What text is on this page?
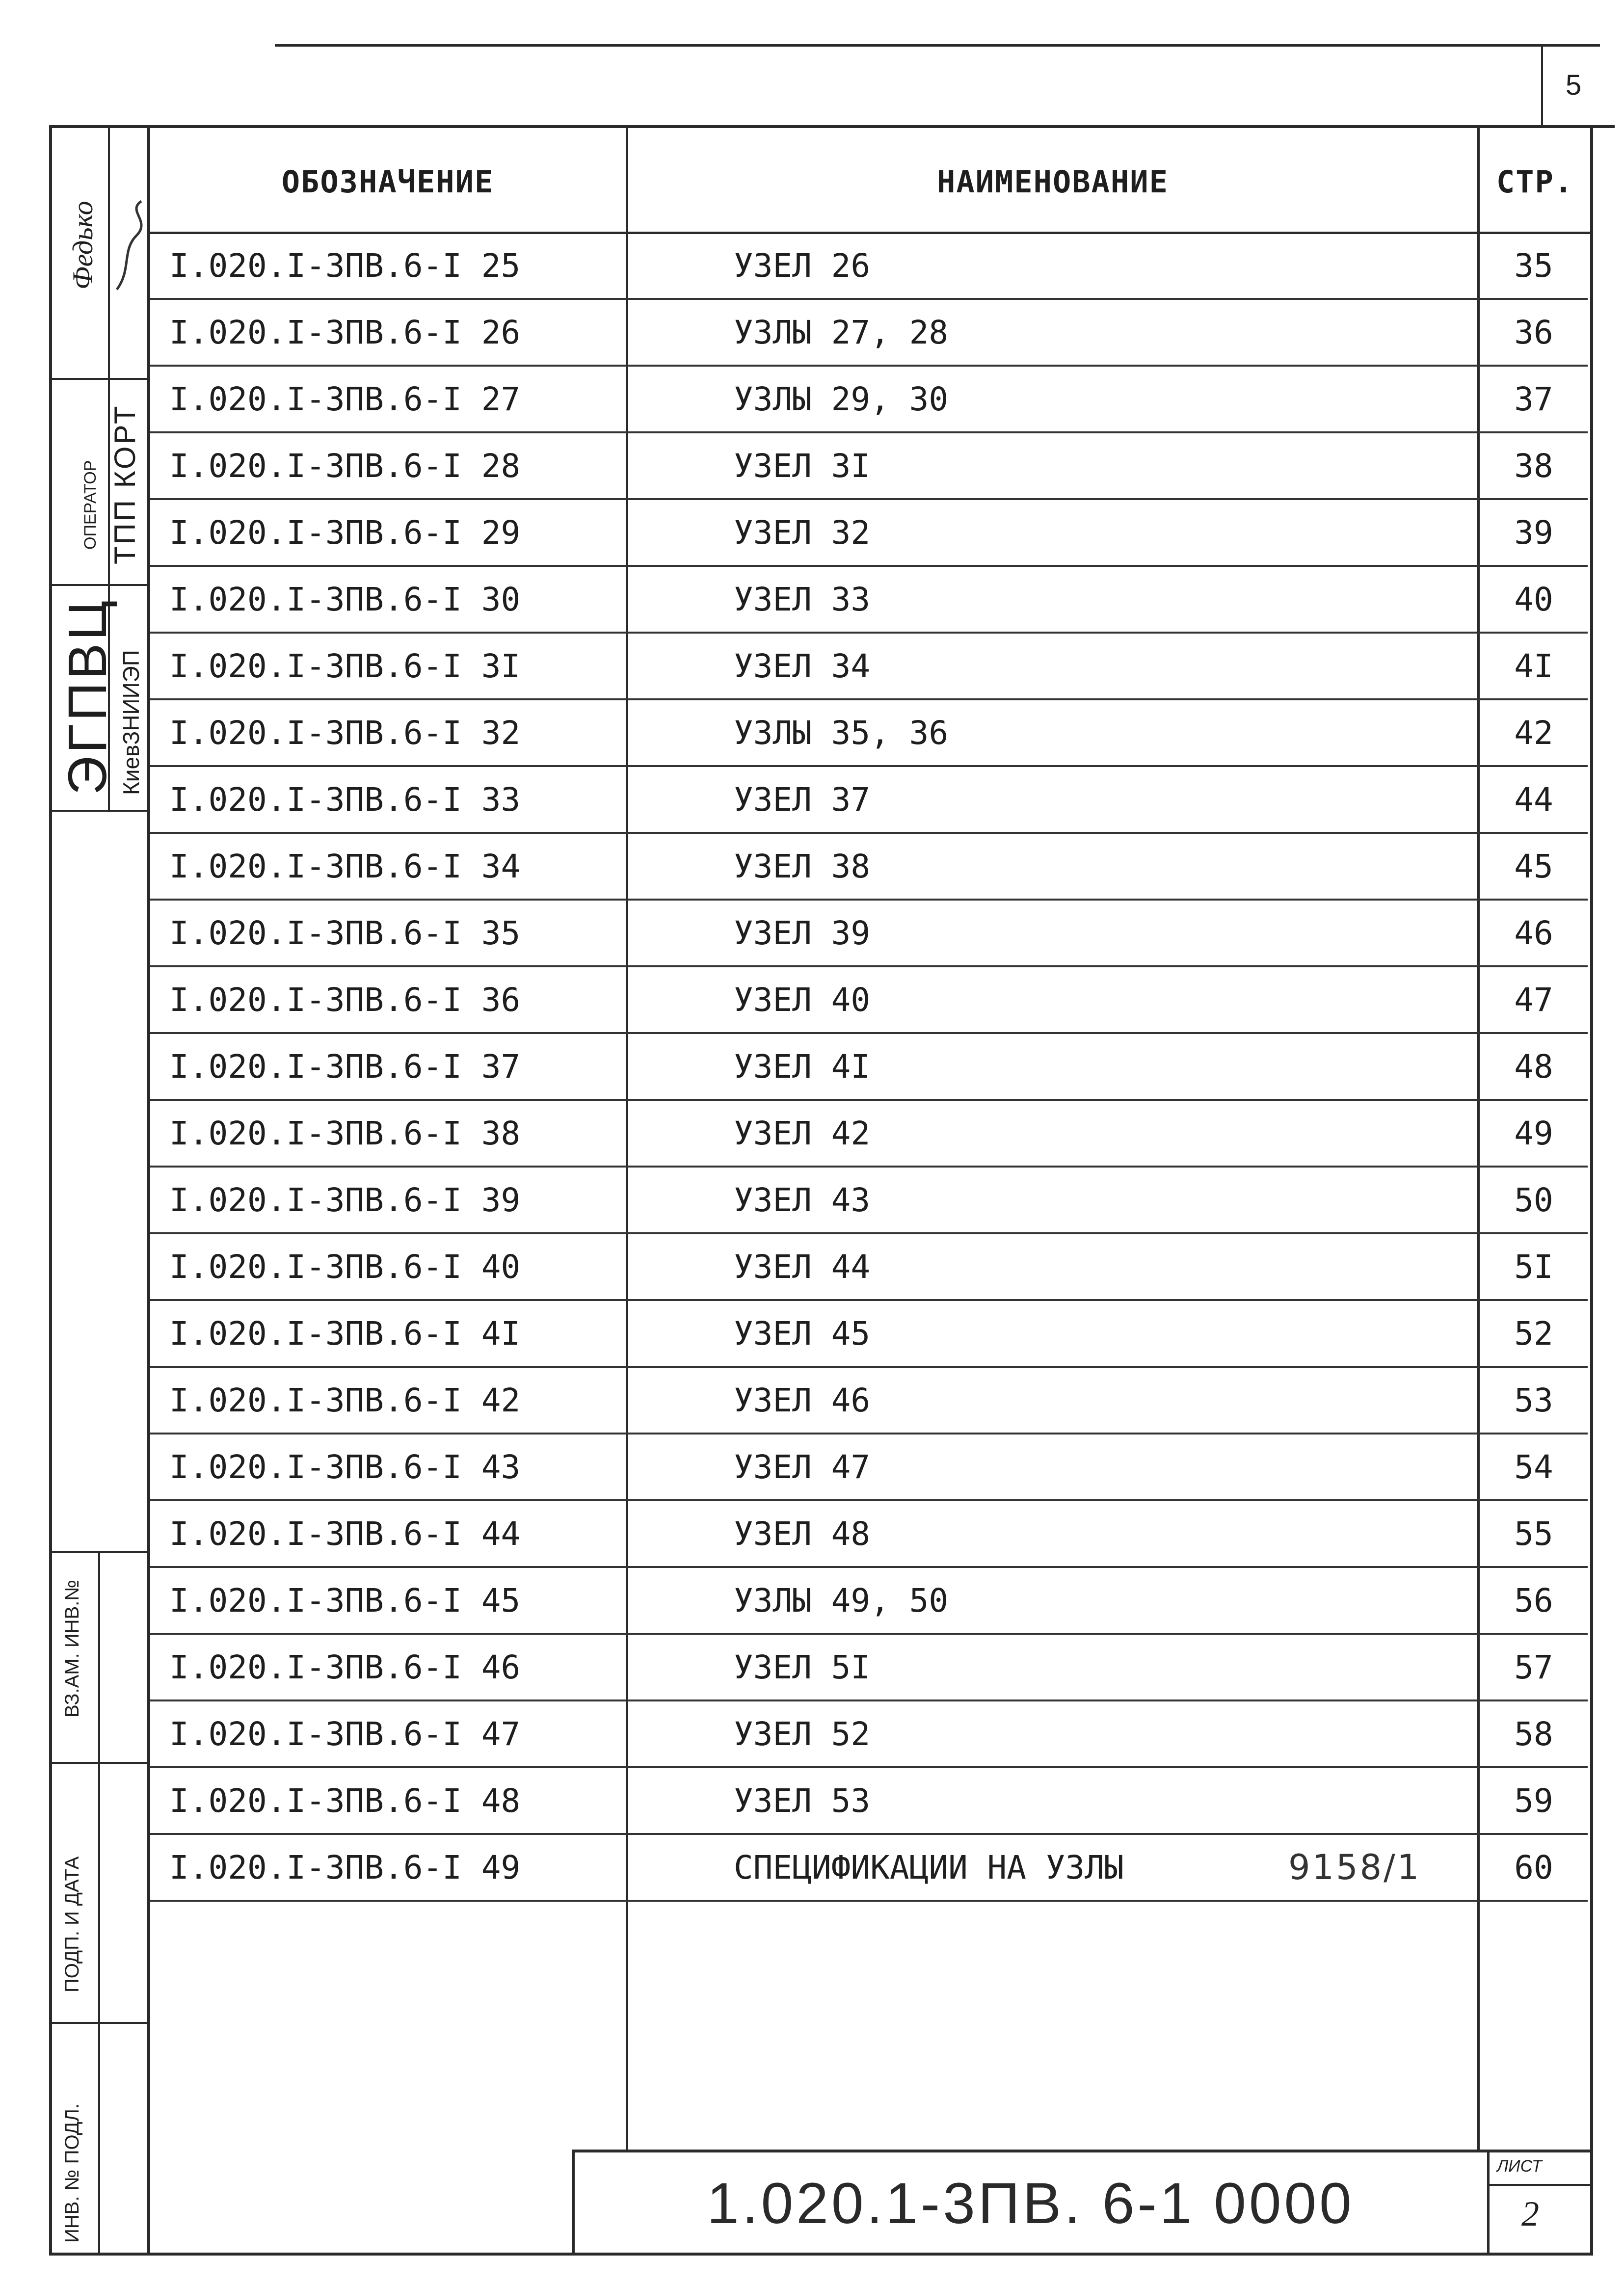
5
ОБОЗНАЧЕНИЕ	НАИМЕНОВАНИЕ	СТР.
I.020.I-3ПВ.6-I 25	УЗЕЛ 26	35
I.020.I-3ПВ.6-I 26	УЗЛЫ 27, 28	36
I.020.I-3ПВ.6-I 27	УЗЛЫ 29, 30	37
I.020.I-3ПВ.6-I 28	УЗЕЛ 3I	38
I.020.I-3ПВ.6-I 29	УЗЕЛ 32	39
I.020.I-3ПВ.6-I 30	УЗЕЛ 33	40
I.020.I-3ПВ.6-I 3I	УЗЕЛ 34	4I
I.020.I-3ПВ.6-I 32	УЗЛЫ 35, 36	42
I.020.I-3ПВ.6-I 33	УЗЕЛ 37	44
I.020.I-3ПВ.6-I 34	УЗЕЛ 38	45
I.020.I-3ПВ.6-I 35	УЗЕЛ 39	46
I.020.I-3ПВ.6-I 36	УЗЕЛ 40	47
I.020.I-3ПВ.6-I 37	УЗЕЛ 4I	48
I.020.I-3ПВ.6-I 38	УЗЕЛ 42	49
I.020.I-3ПВ.6-I 39	УЗЕЛ 43	50
I.020.I-3ПВ.6-I 40	УЗЕЛ 44	5I
I.020.I-3ПВ.6-I 4I	УЗЕЛ 45	52
I.020.I-3ПВ.6-I 42	УЗЕЛ 46	53
I.020.I-3ПВ.6-I 43	УЗЕЛ 47	54
I.020.I-3ПВ.6-I 44	УЗЕЛ 48	55
I.020.I-3ПВ.6-I 45	УЗЛЫ 49, 50	56
I.020.I-3ПВ.6-I 46	УЗЕЛ 5I	57
I.020.I-3ПВ.6-I 47	УЗЕЛ 52	58
I.020.I-3ПВ.6-I 48	УЗЕЛ 53	59
I.020.I-3ПВ.6-I 49	СПЕЦИФИКАЦИИ НА УЗЛЫ	9158/1	60
Федько
ОПЕРАТОР ТПП КОРТ
ЭГПВЦ КиевЗНИИЭП
ВЗ.АМ. ИНВ.№
ПОДП. И ДАТА
ИНВ. № ПОДЛ.	1.020.1-3ПВ. 6-1 0000
ЛИСТ
2
